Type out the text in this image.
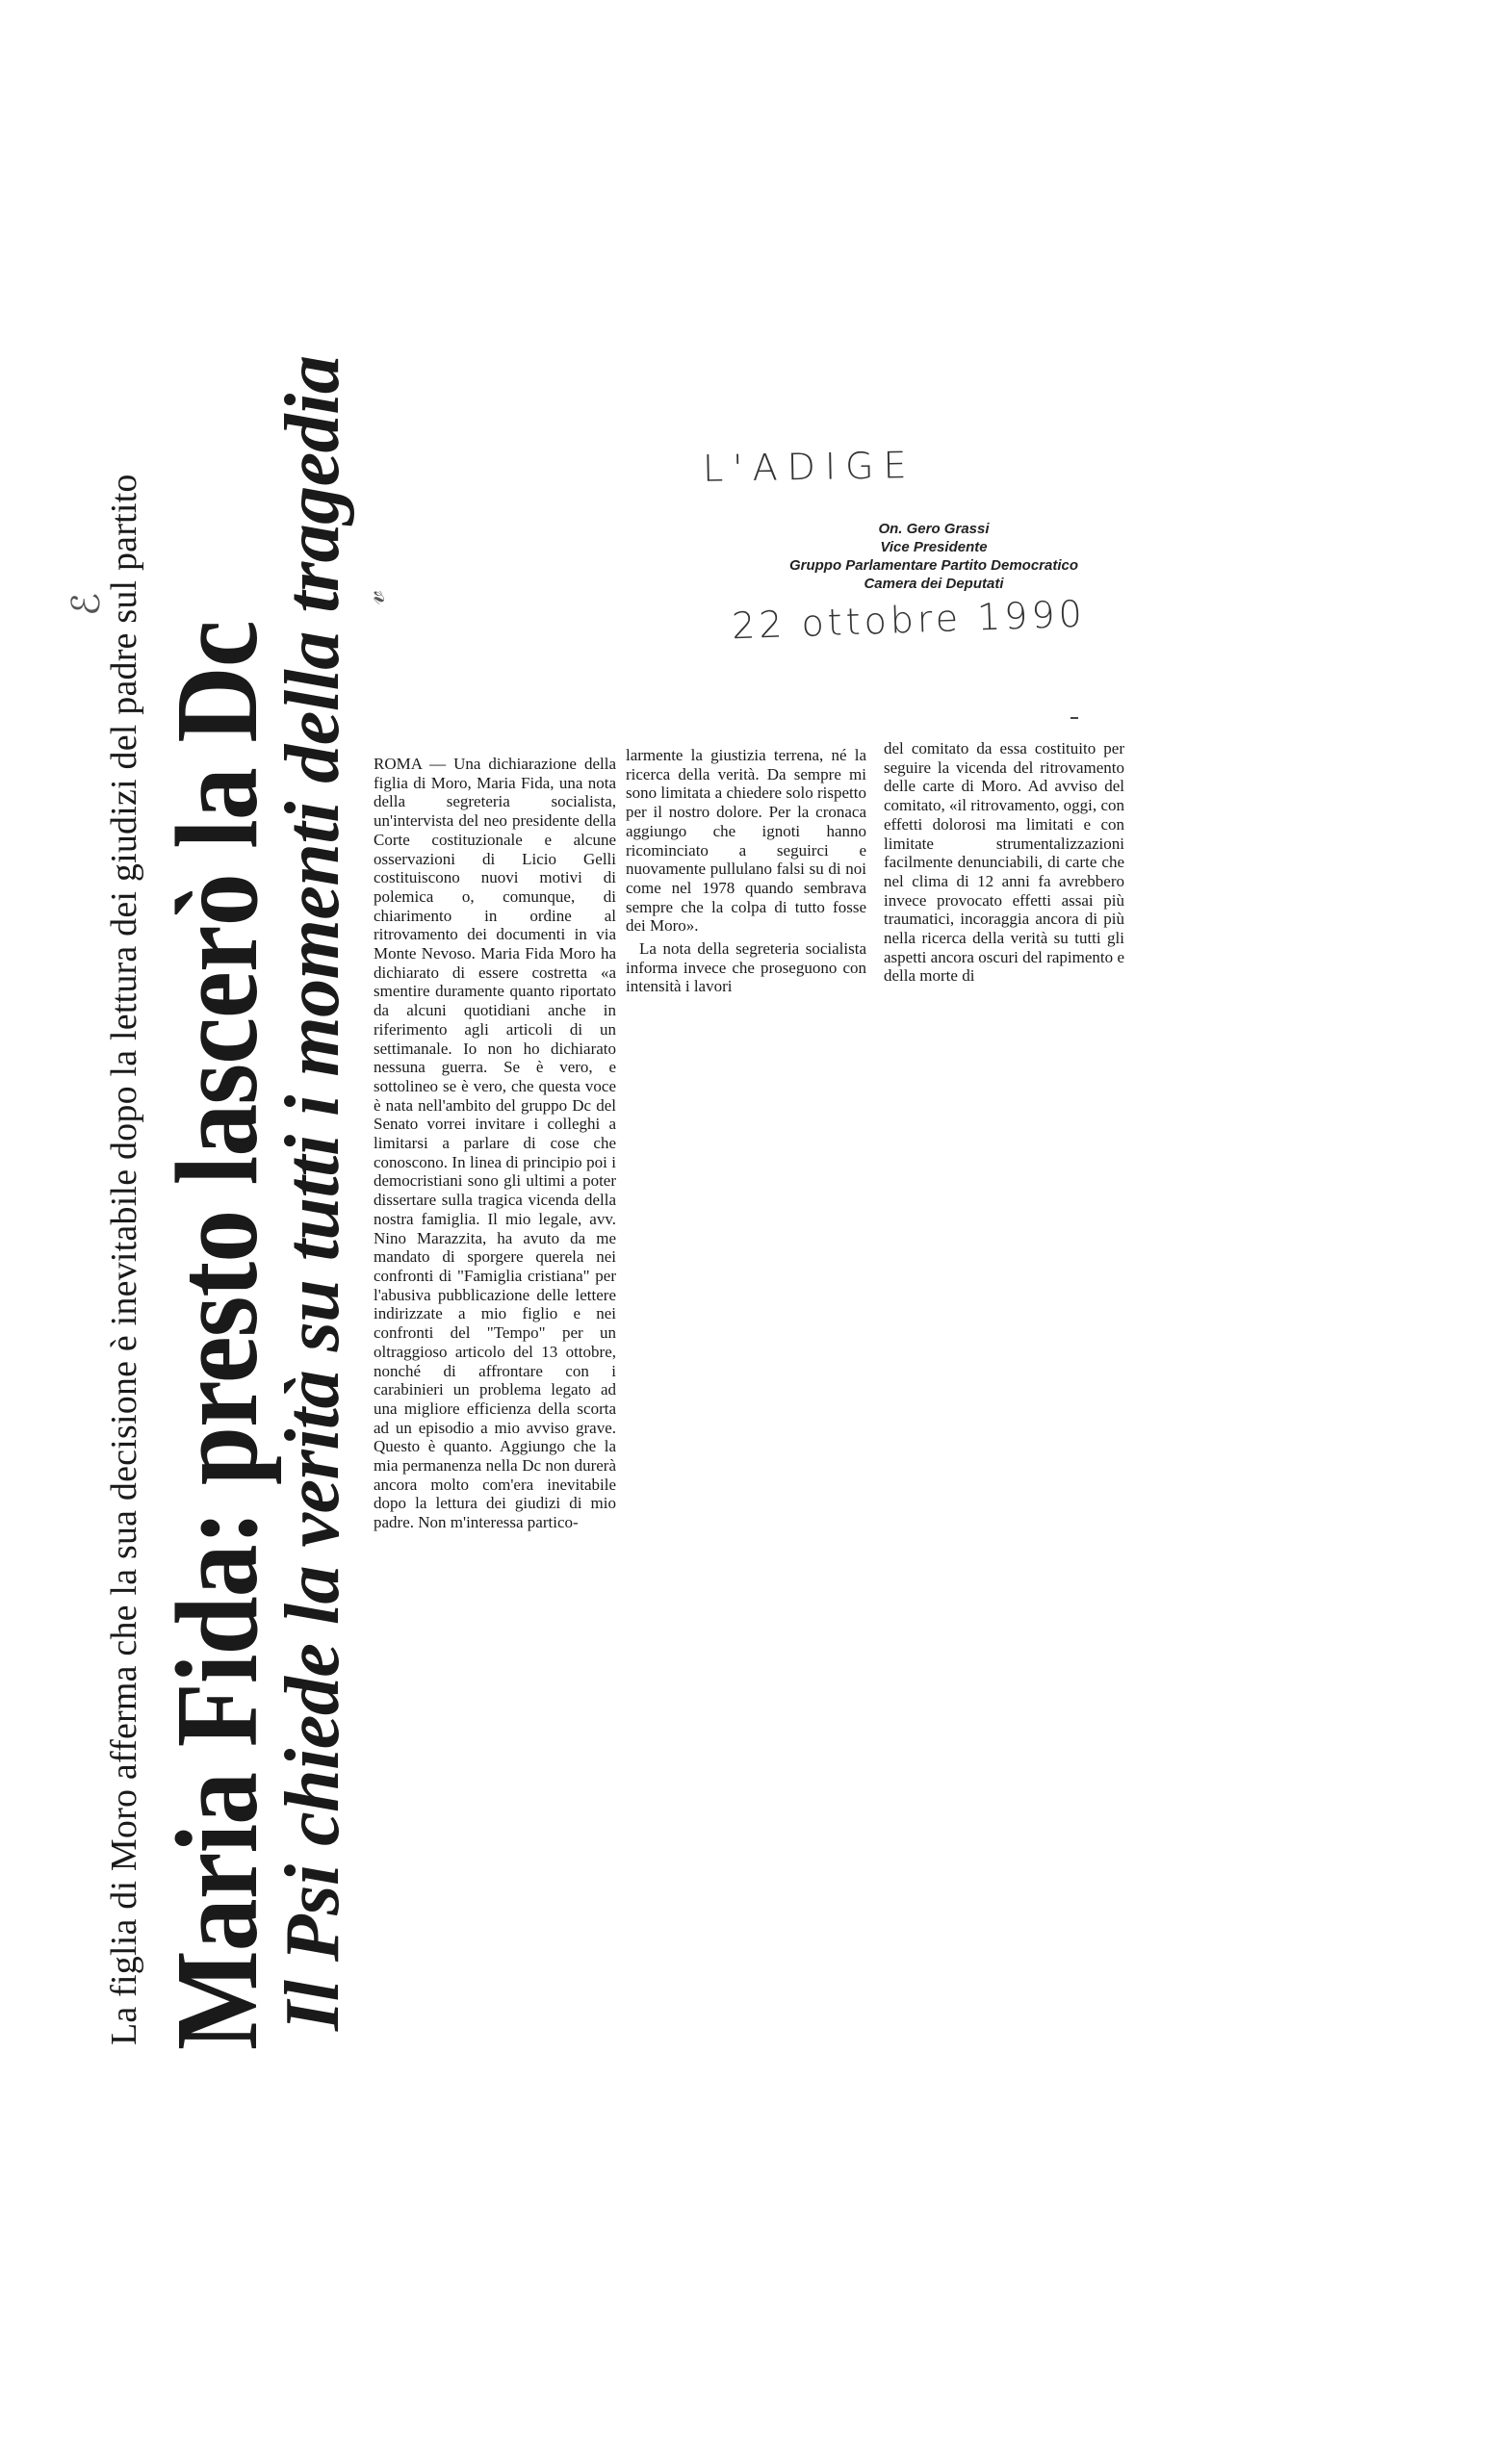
La figlia di Moro afferma che la sua decisione è inevitabile dopo la lettura dei giudizi del padre sul partito Maria Fida: presto lascerò la Dc
Il Psi chiede la verità su tutti i momenti della tragedia
ℰ	𝓋
L'ADIGE
22 ottobre 1990
On. Gero Grassi
Vice Presidente
Gruppo Parlamentare Partito Democratico
Camera dei Deputati

ROMA — Una dichiarazione della figlia di Moro, Maria Fida, una nota della segreteria socialista, un'intervista del neo presidente della Corte costituzionale e alcune osservazioni di Licio Gelli costituiscono nuovi motivi di polemica o, comunque, di chiarimento in ordine al ritrovamento dei documenti in via Monte Nevoso. Maria Fida Moro ha dichiarato di essere costretta «a smentire duramente quanto riportato da alcuni quotidiani anche in riferimento agli articoli di un settimanale. Io non ho dichiarato nessuna guerra. Se è vero, e sottolineo se è vero, che questa voce è nata nell'ambito del gruppo Dc del Senato vorrei invitare i colleghi a limitarsi a parlare di cose che conoscono. In linea di principio poi i democristiani sono gli ultimi a poter dissertare sulla tragica vicenda della nostra famiglia. Il mio legale, avv. Nino Marazzita, ha avuto da me mandato di sporgere querela nei confronti di "Famiglia cristiana" per l'abusiva pubblicazione delle lettere indirizzate a mio figlio e nei confronti del "Tempo" per un oltraggioso articolo del 13 ottobre, nonché di affrontare con i carabinieri un problema legato ad una migliore efficienza della scorta ad un episodio a mio avviso grave. Questo è quanto. Aggiungo che la mia permanenza nella Dc non durerà ancora molto com'era inevitabile dopo la lettura dei giudizi di mio padre. Non m'interessa partico-

larmente la giustizia terrena, né la ricerca della verità. Da sempre mi sono limitata a chiedere solo rispetto per il nostro dolore. Per la cronaca aggiungo che ignoti hanno ricominciato a seguirci e nuovamente pullulano falsi su di noi come nel 1978 quando sembrava sempre che la colpa di tutto fosse dei Moro».

La nota della segreteria socialista informa invece che proseguono con intensità i lavori

del comitato da essa costituito per seguire la vicenda del ritrovamento delle carte di Moro. Ad avviso del comitato, «il ritrovamento, oggi, con effetti dolorosi ma limitati e con limitate strumentalizzazioni facilmente denunciabili, di carte che nel clima di 12 anni fa avrebbero invece provocato effetti assai più traumatici, incoraggia ancora di più nella ricerca della verità su tutti gli aspetti ancora oscuri del rapimento e della morte di
